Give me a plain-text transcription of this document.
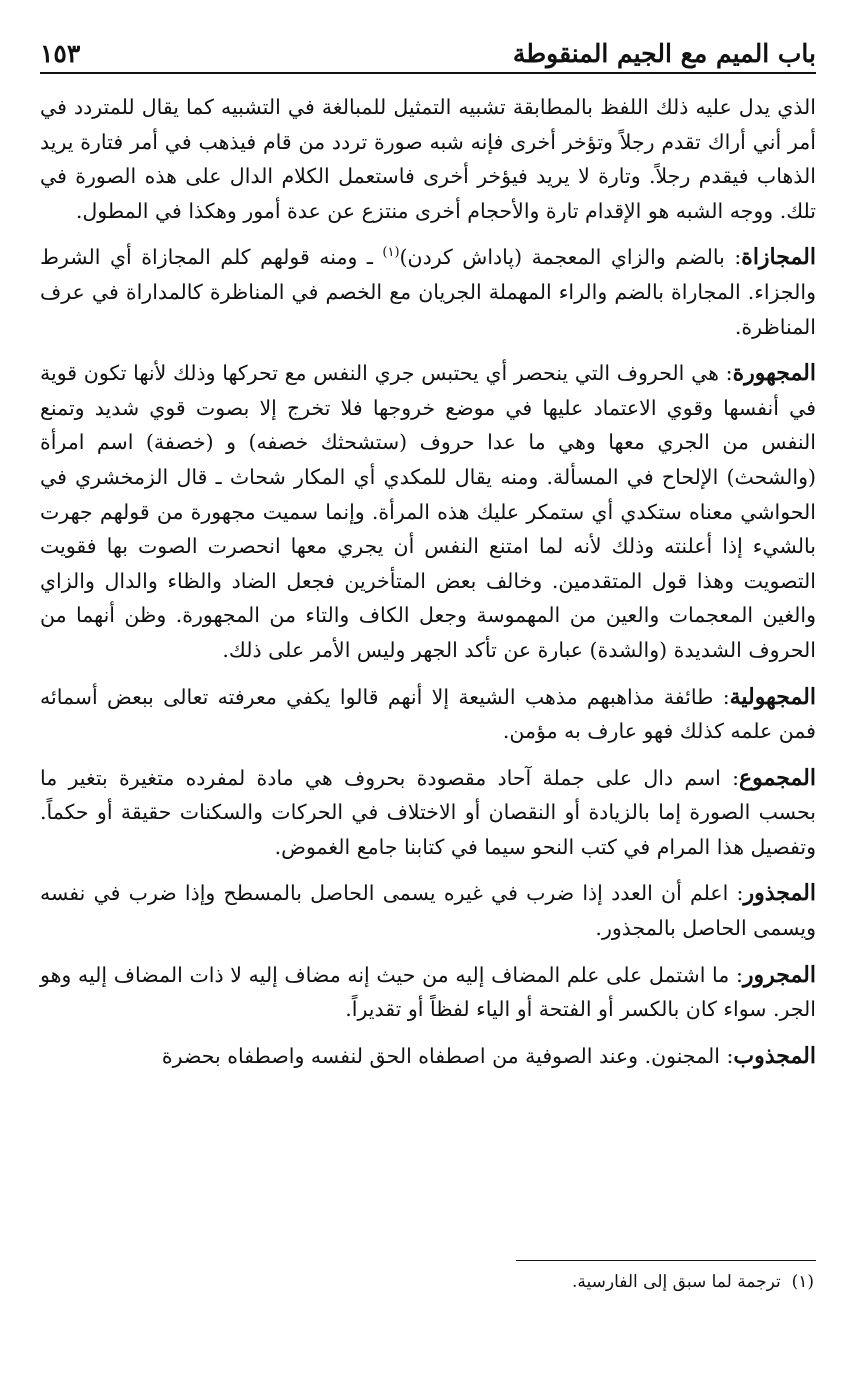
باب الميم مع الجيم المنقوطة
١٥٣

الذي يدل عليه ذلك اللفظ بالمطابقة تشبيه التمثيل للمبالغة في التشبيه كما يقال للمتردد في أمر أني أراك تقدم رجلاً وتؤخر أخرى فإنه شبه صورة تردد من قام فيذهب في أمر فتارة يريد الذهاب فيقدم رجلاً. وتارة لا يريد فيؤخر أخرى فاستعمل الكلام الدال على هذه الصورة في تلك. ووجه الشبه هو الإقدام تارة والأحجام أخرى منتزع عن عدة أمور وهكذا في المطول.

المجازاة: بالضم والزاي المعجمة (پاداش كردن)$^{(١)}$ ـ ومنه قولهم كلم المجازاة أي الشرط والجزاء. المجاراة بالضم والراء المهملة الجريان مع الخصم في المناظرة كالمداراة في عرف المناظرة.

المجهورة: هي الحروف التي ينحصر أي يحتبس جري النفس مع تحركها وذلك لأنها تكون قوية في أنفسها وقوي الاعتماد عليها في موضع خروجها فلا تخرج إلا بصوت قوي شديد وتمنع النفس من الجري معها وهي ما عدا حروف (ستشحثك خصفه) و (خصفة) اسم امرأة (والشحث) الإلحاح في المسألة. ومنه يقال للمكدي أي المكار شحاث ـ قال الزمخشري في الحواشي معناه ستكدي أي ستمكر عليك هذه المرأة. وإنما سميت مجهورة من قولهم جهرت بالشيء إذا أعلنته وذلك لأنه لما امتنع النفس أن يجري معها انحصرت الصوت بها فقويت التصويت وهذا قول المتقدمين. وخالف بعض المتأخرين فجعل الضاد والظاء والدال والزاي والغين المعجمات والعين من المهموسة وجعل الكاف والتاء من المجهورة. وظن أنهما من الحروف الشديدة (والشدة) عبارة عن تأكد الجهر وليس الأمر على ذلك.

المجهولية: طائفة مذاهبهم مذهب الشيعة إلا أنهم قالوا يكفي معرفته تعالى ببعض أسمائه فمن علمه كذلك فهو عارف به مؤمن.

المجموع: اسم دال على جملة آحاد مقصودة بحروف هي مادة لمفرده متغيرة بتغير ما بحسب الصورة إما بالزيادة أو النقصان أو الاختلاف في الحركات والسكنات حقيقة أو حكماً. وتفصيل هذا المرام في كتب النحو سيما في كتابنا جامع الغموض.

المجذور: اعلم أن العدد إذا ضرب في غيره يسمى الحاصل بالمسطح وإذا ضرب في نفسه ويسمى الحاصل بالمجذور.

المجرور: ما اشتمل على علم المضاف إليه من حيث إنه مضاف إليه لا ذات المضاف إليه وهو الجر. سواء كان بالكسر أو الفتحة أو الياء لفظاً أو تقديراً.

المجذوب: المجنون. وعند الصوفية من اصطفاه الحق لنفسه واصطفاه بحضرة

(١)  ترجمة لما سبق إلى الفارسية.
